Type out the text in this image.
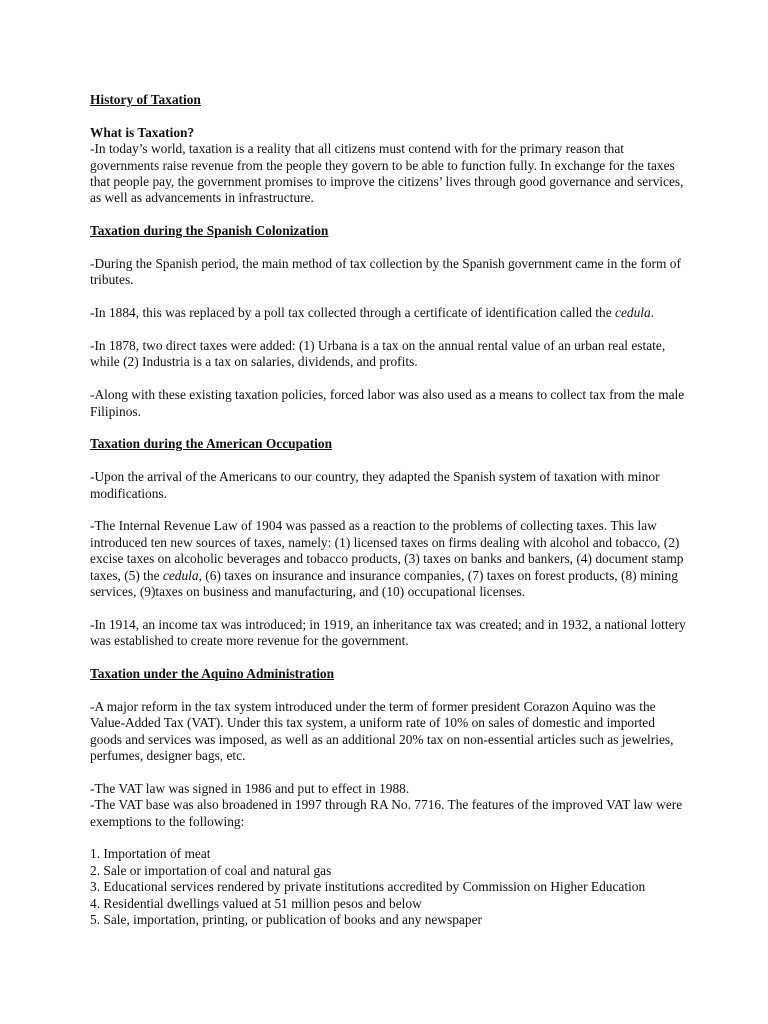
History of Taxation

What is Taxation?

-In today’s world, taxation is a reality that all citizens must contend with for the primary reason that governments raise revenue from the people they govern to be able to function fully. In exchange for the taxes that people pay, the government promises to improve the citizens’ lives through good governance and services, as well as advancements in infrastructure.

Taxation during the Spanish Colonization

-During the Spanish period, the main method of tax collection by the Spanish government came in the form of tributes.

-In 1884, this was replaced by a poll tax collected through a certificate of identification called the cedula.

-In 1878, two direct taxes were added: (1) Urbana is a tax on the annual rental value of an urban real estate, while (2) Industria is a tax on salaries, dividends, and profits.

-Along with these existing taxation policies, forced labor was also used as a means to collect tax from the male Filipinos.

Taxation during the American Occupation

-Upon the arrival of the Americans to our country, they adapted the Spanish system of taxation with minor modifications.

-The Internal Revenue Law of 1904 was passed as a reaction to the problems of collecting taxes. This law introduced ten new sources of taxes, namely: (1) licensed taxes on firms dealing with alcohol and tobacco, (2) excise taxes on alcoholic beverages and tobacco products, (3) taxes on banks and bankers, (4) document stamp taxes, (5) the cedula, (6) taxes on insurance and insurance companies, (7) taxes on forest products, (8) mining services, (9)taxes on business and manufacturing, and (10) occupational licenses.

-In 1914, an income tax was introduced; in 1919, an inheritance tax was created; and in 1932, a national lottery was established to create more revenue for the government.

Taxation under the Aquino Administration

-A major reform in the tax system introduced under the term of former president Corazon Aquino was the Value-Added Tax (VAT). Under this tax system, a uniform rate of 10% on sales of domestic and imported goods and services was imposed, as well as an additional 20% tax on non-essential articles such as jewelries, perfumes, designer bags, etc.

-The VAT law was signed in 1986 and put to effect in 1988.

-The VAT base was also broadened in 1997 through RA No. 7716. The features of the improved VAT law were exemptions to the following:

1. Importation of meat
2. Sale or importation of coal and natural gas
3. Educational services rendered by private institutions accredited by Commission on Higher Education
4. Residential dwellings valued at 51 million pesos and below
5. Sale, importation, printing, or publication of books and any newspaper
